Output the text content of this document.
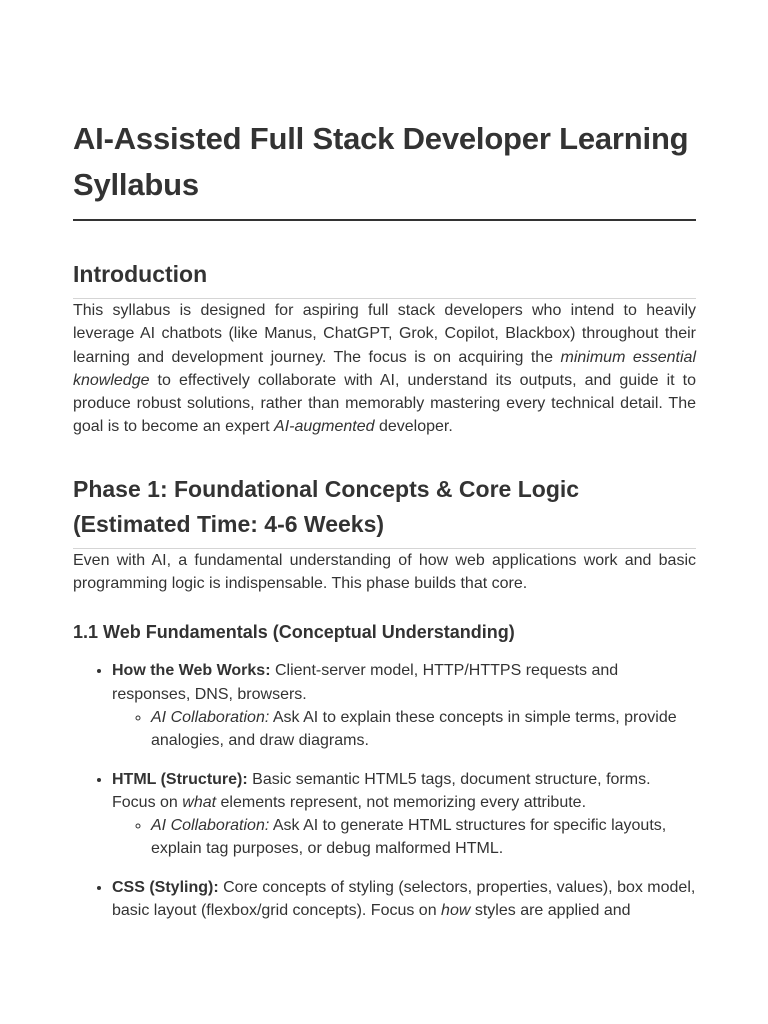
AI-Assisted Full Stack Developer Learning Syllabus
Introduction

This syllabus is designed for aspiring full stack developers who intend to heavily leverage AI chatbots (like Manus, ChatGPT, Grok, Copilot, Blackbox) throughout their learning and development journey. The focus is on acquiring the minimum essential knowledge to effectively collaborate with AI, understand its outputs, and guide it to produce robust solutions, rather than memorably mastering every technical detail. The goal is to become an expert AI-augmented developer.

Phase 1: Foundational Concepts & Core Logic (Estimated Time: 4-6 Weeks)

Even with AI, a fundamental understanding of how web applications work and basic programming logic is indispensable. This phase builds that core.

1.1 Web Fundamentals (Conceptual Understanding)
• How the Web Works: Client-server model, HTTP/HTTPS requests and responses, DNS, browsers.
◦ AI Collaboration: Ask AI to explain these concepts in simple terms, provide analogies, and draw diagrams.
• HTML (Structure): Basic semantic HTML5 tags, document structure, forms. Focus on what elements represent, not memorizing every attribute.
◦ AI Collaboration: Ask AI to generate HTML structures for specific layouts, explain tag purposes, or debug malformed HTML.
• CSS (Styling): Core concepts of styling (selectors, properties, values), box model, basic layout (flexbox/grid concepts). Focus on how styles are applied and
